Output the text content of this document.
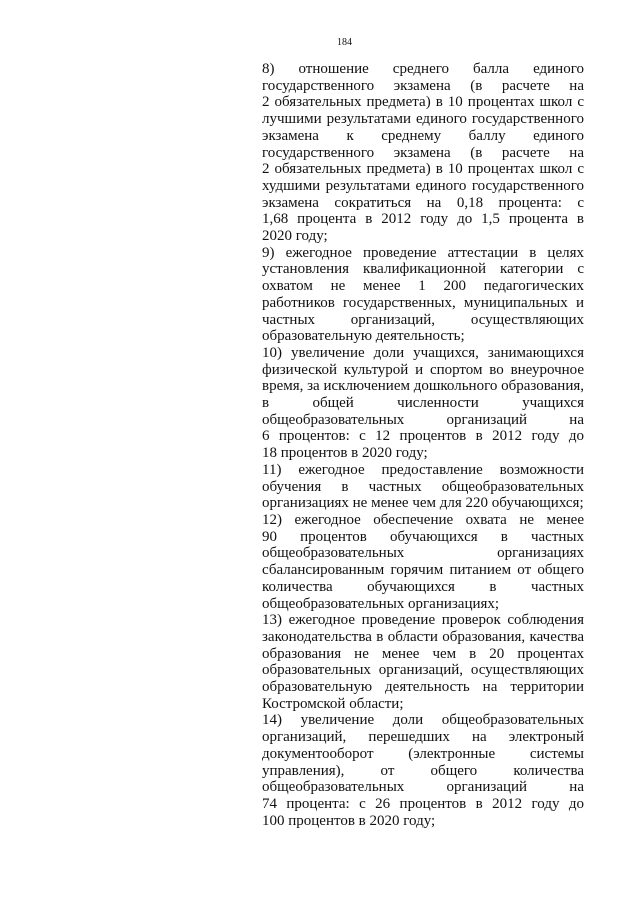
184
8) отношение среднего балла единого
государственного экзамена (в расчете на
2 обязательных предмета) в 10 процентах школ с
лучшими результатами единого государственного
экзамена к среднему баллу единого
государственного экзамена (в расчете на
2 обязательных предмета) в 10 процентах школ с
худшими результатами единого государственного
экзамена сократиться на 0,18 процента: с
1,68 процента в 2012 году до 1,5 процента в
2020 году;
9) ежегодное проведение аттестации в целях
установления квалификационной категории с
охватом не менее 1 200 педагогических
работников государственных, муниципальных и
частных организаций, осуществляющих
образовательную деятельность;
10) увеличение доли учащихся, занимающихся
физической культурой и спортом во внеурочное
время, за исключением дошкольного образования,
в общей численности учащихся
общеобразовательных организаций на
6 процентов: с 12 процентов в 2012 году до
18 процентов в 2020 году;
11) ежегодное предоставление возможности
обучения в частных общеобразовательных
организациях не менее чем для 220 обучающихся;
12) ежегодное обеспечение охвата не менее
90 процентов обучающихся в частных
общеобразовательных организациях
сбалансированным горячим питанием от общего
количества обучающихся в частных
общеобразовательных организациях;
13) ежегодное проведение проверок соблюдения
законодательства в области образования, качества
образования не менее чем в 20 процентах
образовательных организаций, осуществляющих
образовательную деятельность на территории
Костромской области;
14) увеличение доли общеобразовательных
организаций, перешедших на электроный
документооборот (электронные системы
управления), от общего количества
общеобразовательных организаций на
74 процента: с 26 процентов в 2012 году до
100 процентов в 2020 году;
